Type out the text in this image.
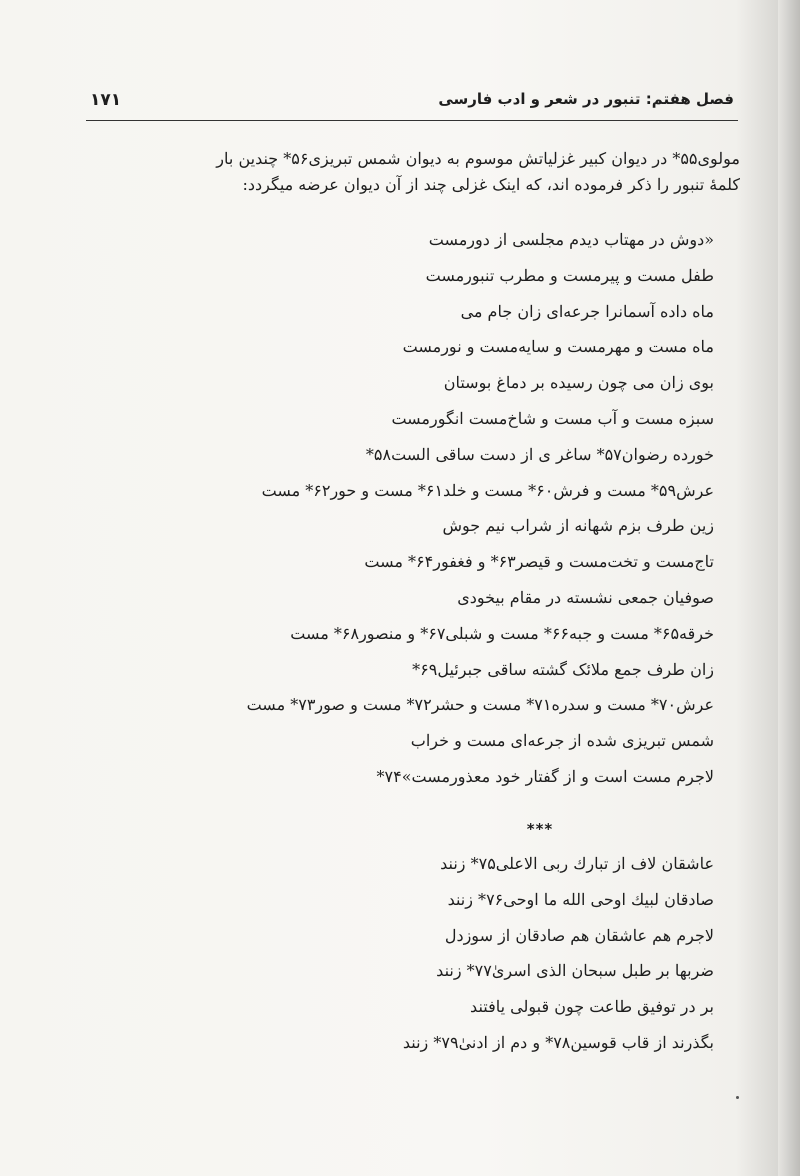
۱۷۱	فصل هفتم: تنبور در شعر و ادب فارسی

مولوی۵۵* در دیوان کبیر غزلیاتش موسوم به دیوان شمس تبریزی۵۶* چندین بار

کلمهٔ تنبور را ذکر فرموده اند، که اینک غزلی چند از آن دیوان عرضه میگردد:

«دوش در مهتاب دیدم مجلسی از دورمست
طفل مست و پیرمست و مطرب تنبورمست
ماه داده آسمانرا جرعه‌ای زان جام می
ماه مست و مهرمست و سایه‌مست و نورمست
بوی زان می چون رسیده بر دماغ بوستان
سبزه مست و آب مست و شاخ‌مست انگورمست
خورده رضوان۵۷* ساغر ی از دست ساقی الست۵۸*
عرش۵۹* مست و فرش۶۰* مست و خلد۶۱* مست و حور۶۲* مست
زین طرف بزم شهانه از شراب نیم جوش
تاج‌مست و تخت‌مست و قیصر۶۳* و فغفور۶۴* مست
صوفیان جمعی نشسته در مقام بیخودی
خرقه۶۵* مست و جبه۶۶* مست و شبلی۶۷* و منصور۶۸* مست
زان طرف جمع ملائک گشته ساقی جبرئیل۶۹*
عرش۷۰* مست و سدره۷۱* مست و حشر۷۲* مست و صور۷۳* مست
شمس تبریزی شده از جرعه‌ای مست و خراب
لاجرم مست است و از گفتار خود معذورمست»۷۴*
***
عاشقان لاف از تبارك ربی الاعلی۷۵* زنند
صادقان لبیك اوحی الله ما اوحی۷۶* زنند
لاجرم هم عاشقان هم صادقان از سوزدل
ضربها بر طبل سبحان الذی اسریٰ۷۷* زنند
بر در توفیق طاعت چون قبولی یافتند
بگذرند از قاب قوسین۷۸* و دم از ادنیٰ۷۹* زنند
